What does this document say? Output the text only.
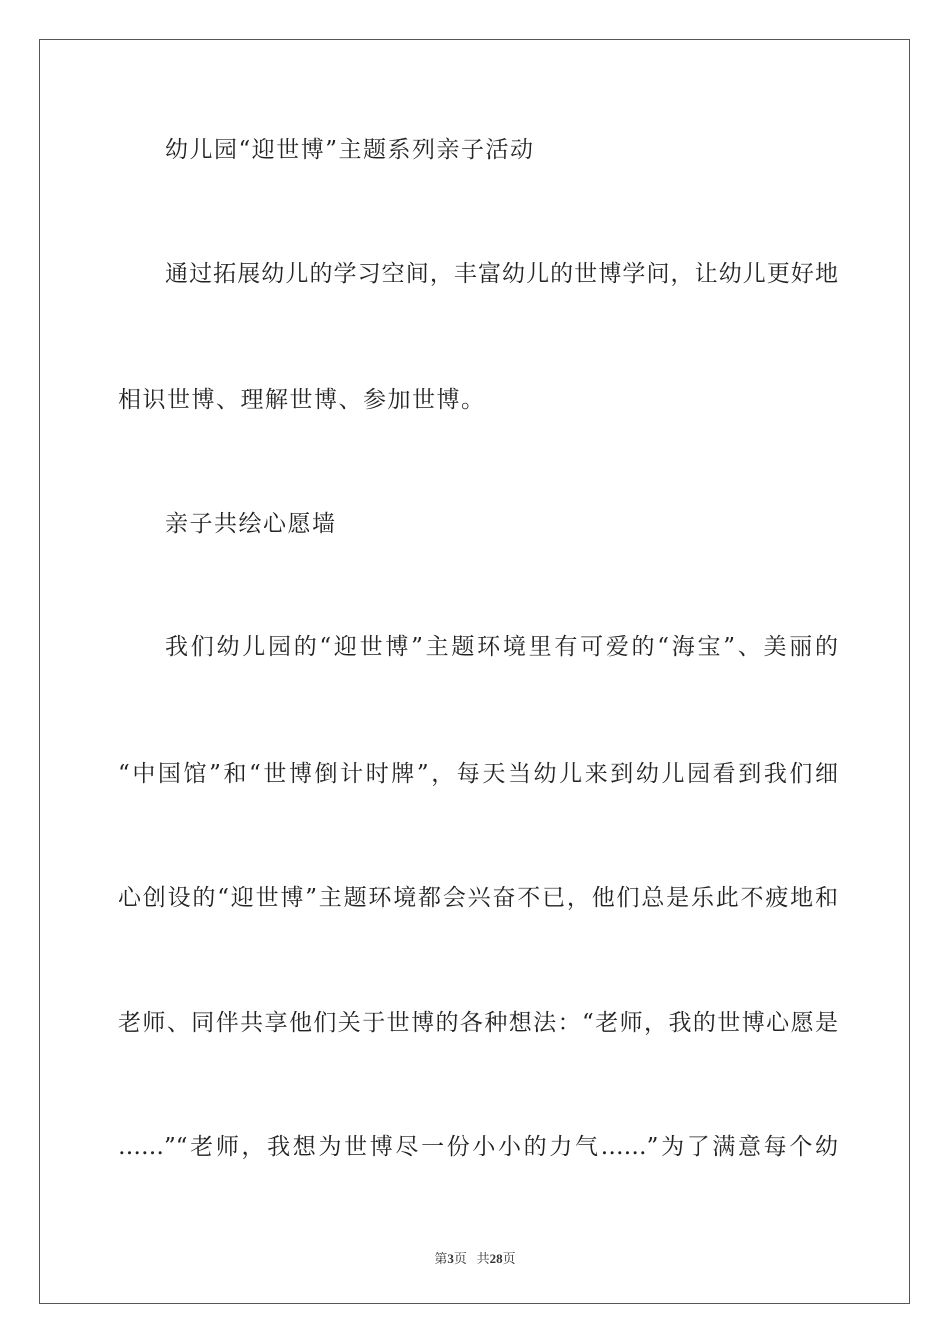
幼儿园“迎世博”主题系列亲子活动
通过拓展幼儿的学习空间，丰富幼儿的世博学问，让幼儿更好地
相识世博、理解世博、参加世博。
亲子共绘心愿墙
我们幼儿园的“迎世博”主题环境里有可爱的“海宝”、美丽的
“中国馆”和“世博倒计时牌”，每天当幼儿来到幼儿园看到我们细
心创设的“迎世博”主题环境都会兴奋不已，他们总是乐此不疲地和
老师、同伴共享他们关于世博的各种想法：“老师，我的世博心愿是
……”“老师，我想为世博尽一份小小的力气……”为了满意每个幼
第3页 共28页
